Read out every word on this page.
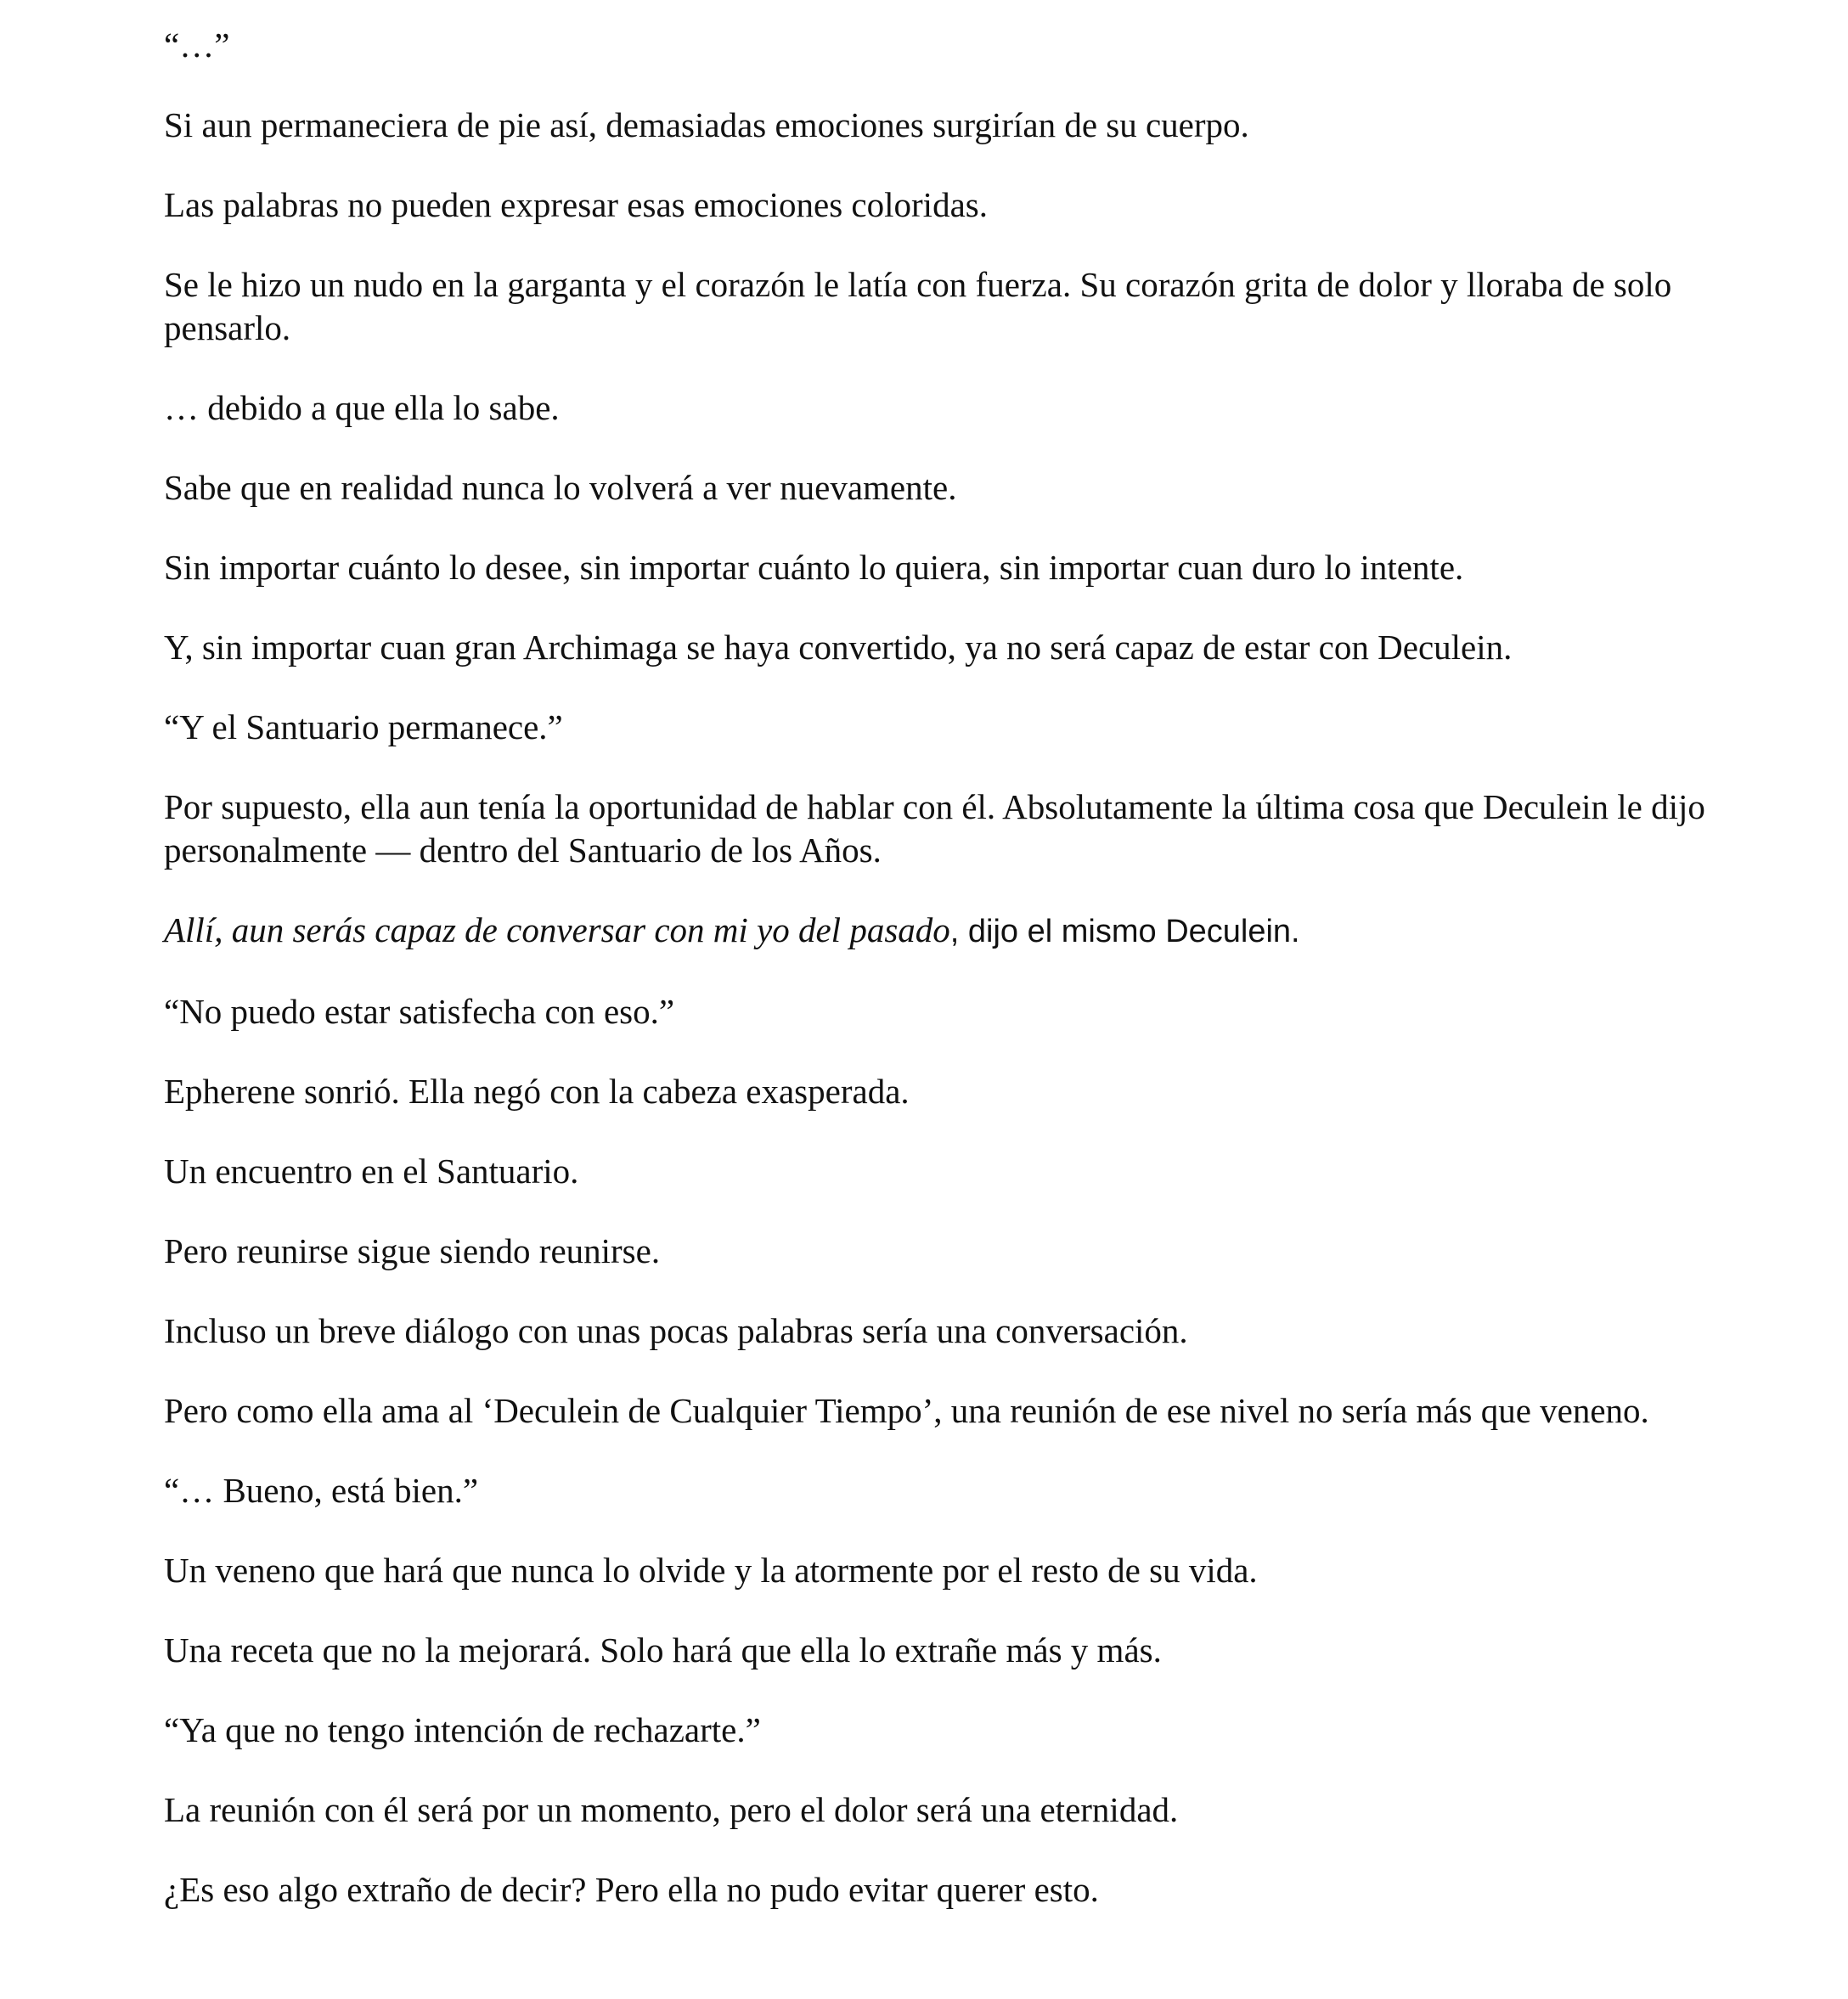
“…”

Si aun permaneciera de pie así, demasiadas emociones surgirían de su cuerpo.

Las palabras no pueden expresar esas emociones coloridas.

Se le hizo un nudo en la garganta y el corazón le latía con fuerza. Su corazón grita de dolor y lloraba de solo pensarlo.

… debido a que ella lo sabe.

Sabe que en realidad nunca lo volverá a ver nuevamente.

Sin importar cuánto lo desee, sin importar cuánto lo quiera, sin importar cuan duro lo intente.

Y, sin importar cuan gran Archimaga se haya convertido, ya no será capaz de estar con Deculein.

“Y el Santuario permanece.”

Por supuesto, ella aun tenía la oportunidad de hablar con él. Absolutamente la última cosa que Deculein le dijo personalmente — dentro del Santuario de los Años.

Allí, aun serás capaz de conversar con mi yo del pasado, dijo el mismo Deculein.

“No puedo estar satisfecha con eso.”

Epherene sonrió. Ella negó con la cabeza exasperada.

Un encuentro en el Santuario.

Pero reunirse sigue siendo reunirse.

Incluso un breve diálogo con unas pocas palabras sería una conversación.

Pero como ella ama al ‘Deculein de Cualquier Tiempo’, una reunión de ese nivel no sería más que veneno.

“… Bueno, está bien.”

Un veneno que hará que nunca lo olvide y la atormente por el resto de su vida.

Una receta que no la mejorará. Solo hará que ella lo extrañe más y más.

“Ya que no tengo intención de rechazarte.”

La reunión con él será por un momento, pero el dolor será una eternidad.

¿Es eso algo extraño de decir? Pero ella no pudo evitar querer esto.
